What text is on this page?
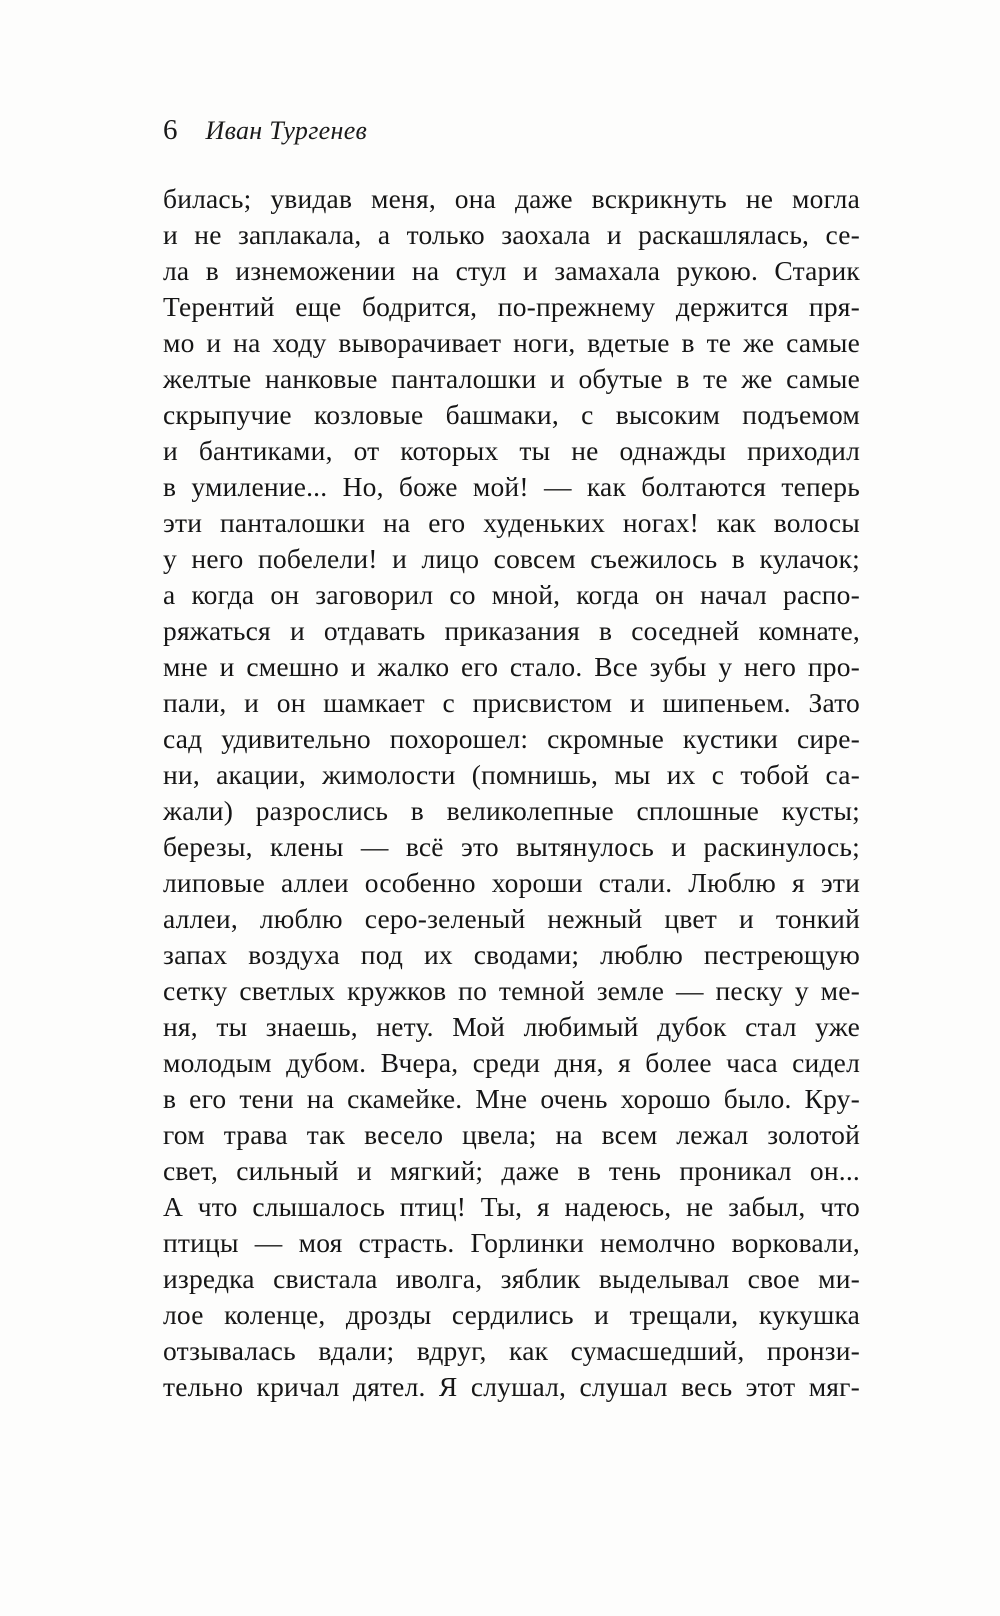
6 Иван Тургенев
билась; увидав меня, она даже вскрикнуть не могла
и не заплакала, а только заохала и раскашлялась, се-
ла в изнеможении на стул и замахала рукою. Старик
Терентий еще бодрится, по-прежнему держится пря-
мо и на ходу выворачивает ноги, вдетые в те же самые
желтые нанковые панталошки и обутые в те же самые
скрыпучие козловые башмаки, с высоким подъемом
и бантиками, от которых ты не однажды приходил
в умиление... Но, боже мой! — как болтаются теперь
эти панталошки на его худеньких ногах! как волосы
у него побелели! и лицо совсем съежилось в кулачок;
а когда он заговорил со мной, когда он начал распо-
ряжаться и отдавать приказания в соседней комнате,
мне и смешно и жалко его стало. Все зубы у него про-
пали, и он шамкает с присвистом и шипеньем. Зато
сад удивительно похорошел: скромные кустики сире-
ни, акации, жимолости (помнишь, мы их с тобой са-
жали) разрослись в великолепные сплошные кусты;
березы, клены — всё это вытянулось и раскинулось;
липовые аллеи особенно хороши стали. Люблю я эти
аллеи, люблю серо-зеленый нежный цвет и тонкий
запах воздуха под их сводами; люблю пестреющую
сетку светлых кружков по темной земле — песку у ме-
ня, ты знаешь, нету. Мой любимый дубок стал уже
молодым дубом. Вчера, среди дня, я более часа сидел
в его тени на скамейке. Мне очень хорошо было. Кру-
гом трава так весело цвела; на всем лежал золотой
свет, сильный и мягкий; даже в тень проникал он...
А что слышалось птиц! Ты, я надеюсь, не забыл, что
птицы — моя страсть. Горлинки немолчно ворковали,
изредка свистала иволга, зяблик выделывал свое ми-
лое коленце, дрозды сердились и трещали, кукушка
отзывалась вдали; вдруг, как сумасшедший, пронзи-
тельно кричал дятел. Я слушал, слушал весь этот мяг-
